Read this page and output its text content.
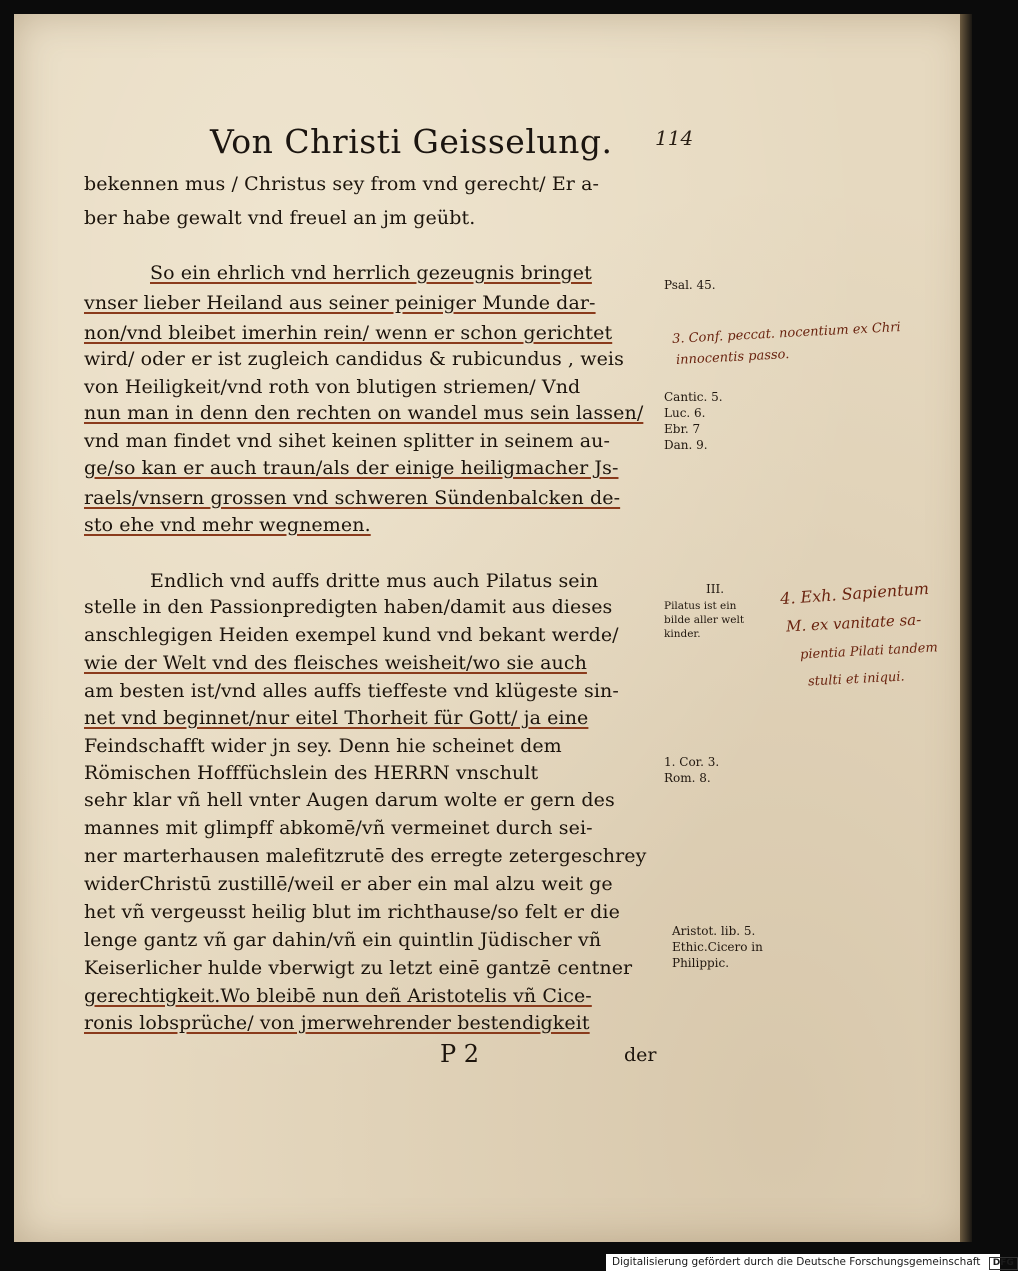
Von Christi Geisselung. 114
bekennen mus / Christus sey from vnd gerecht/ Er a-
ber habe gewalt vnd freuel an jm geübt.
So ein ehrlich vnd herrlich gezeugnis bringet
vnser lieber Heiland aus seiner peiniger Munde dar-
non/vnd bleibet imerhin rein/ wenn er schon gerichtet
wird/ oder er ist zugleich candidus & rubicundus , weis
von Heiligkeit/vnd roth von blutigen striemen/ Vnd
nun man in denn den rechten on wandel mus sein lassen/
vnd man findet vnd sihet keinen splitter in seinem au-
ge/so kan er auch traun/als der einige heiligmacher Js-
raels/vnsern grossen vnd schweren Sündenbalcken de-
sto ehe vnd mehr wegnemen.
Endlich vnd auffs dritte mus auch Pilatus sein
stelle in den Passionpredigten haben/damit aus dieses
anschlegigen Heiden exempel kund vnd bekant werde/
wie der Welt vnd des fleisches weisheit/wo sie auch
am besten ist/vnd alles auffs tieffeste vnd klügeste sin-
net vnd beginnet/nur eitel Thorheit für Gott/ ja eine
Feindschafft wider jn sey. Denn hie scheinet dem
Römischen Hofffüchslein des HERRN vnschult
sehr klar vñ hell vnter Augen darum wolte er gern des
mannes mit glimpff abkomē/vñ vermeinet durch sei-
ner marterhausen malefitzrutē des erregte zetergeschrey
widerChristū zustillē/weil er aber ein mal alzu weit ge
het vñ vergeusst heilig blut im richthause/so felt er die
lenge gantz vñ gar dahin/vñ ein quintlin Jüdischer vñ
Keiserlicher hulde vberwigt zu letzt einē gantzē centner
gerechtigkeit.Wo bleibē nun deñ Aristotelis vñ Cice-
ronis lobsprüche/ von jmerwehrender bestendigkeit
Psal. 45.
Cantic. 5.
Luc. 6.
Ebr. 7
Dan. 9.
III.
Pilatus ist ein
bilde aller welt
kinder.
1. Cor. 3.
Rom. 8.
Aristot. lib. 5.
Ethic.Cicero in
Philippic.
3. Conf. peccat. nocentium ex Chri
innocentis passo.
4. Exh. Sapientum
M. ex vanitate sa-
pientia Pilati tandem
stulti et iniqui.
P 2	der
Digitalisierung gefördert durch die Deutsche Forschungsgemeinschaft DFG
